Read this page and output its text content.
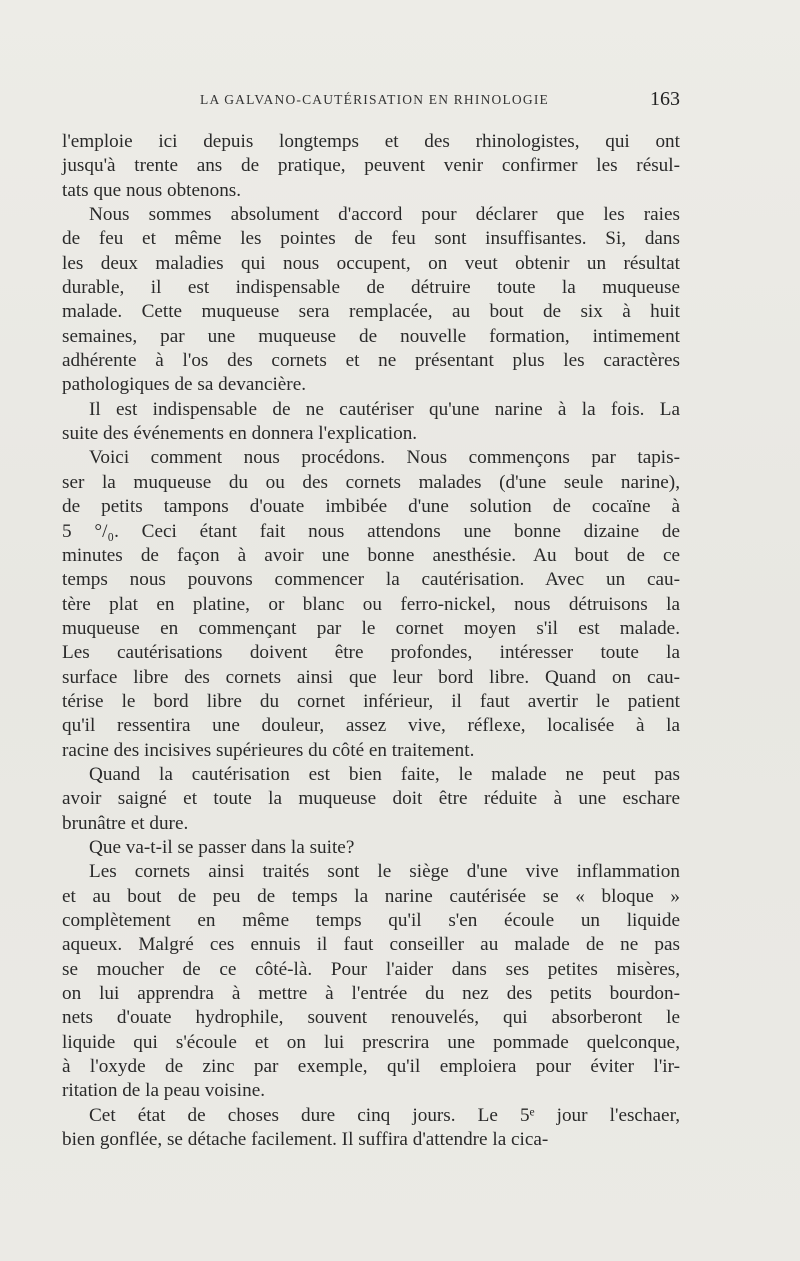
LA GALVANO-CAUTÉRISATION EN RHINOLOGIE	163

l'emploie ici depuis longtemps et des rhinologistes, qui ont
jusqu'à trente ans de pratique, peuvent venir confirmer les résul-
tats que nous obtenons.

Nous sommes absolument d'accord pour déclarer que les raies
de feu et même les pointes de feu sont insuffisantes. Si, dans
les deux maladies qui nous occupent, on veut obtenir un résultat
durable, il est indispensable de détruire toute la muqueuse
malade. Cette muqueuse sera remplacée, au bout de six à huit
semaines, par une muqueuse de nouvelle formation, intimement
adhérente à l'os des cornets et ne présentant plus les caractères
pathologiques de sa devancière.

Il est indispensable de ne cautériser qu'une narine à la fois. La
suite des événements en donnera l'explication.

Voici comment nous procédons. Nous commençons par tapis-
ser la muqueuse du ou des cornets malades (d'une seule narine),
de petits tampons d'ouate imbibée d'une solution de cocaïne à
5 °/₀. Ceci étant fait nous attendons une bonne dizaine de
minutes de façon à avoir une bonne anesthésie. Au bout de ce
temps nous pouvons commencer la cautérisation. Avec un cau-
tère plat en platine, or blanc ou ferro-nickel, nous détruisons la
muqueuse en commençant par le cornet moyen s'il est malade.
Les cautérisations doivent être profondes, intéresser toute la
surface libre des cornets ainsi que leur bord libre. Quand on cau-
térise le bord libre du cornet inférieur, il faut avertir le patient
qu'il ressentira une douleur, assez vive, réflexe, localisée à la
racine des incisives supérieures du côté en traitement.

Quand la cautérisation est bien faite, le malade ne peut pas
avoir saigné et toute la muqueuse doit être réduite à une eschare
brunâtre et dure.

Que va-t-il se passer dans la suite?

Les cornets ainsi traités sont le siège d'une vive inflammation
et au bout de peu de temps la narine cautérisée se « bloque »
complètement en même temps qu'il s'en écoule un liquide
aqueux. Malgré ces ennuis il faut conseiller au malade de ne pas
se moucher de ce côté-là. Pour l'aider dans ses petites misères,
on lui apprendra à mettre à l'entrée du nez des petits bourdon-
nets d'ouate hydrophile, souvent renouvelés, qui absorberont le
liquide qui s'écoule et on lui prescrira une pommade quelconque,
à l'oxyde de zinc par exemple, qu'il emploiera pour éviter l'ir-
ritation de la peau voisine.

Cet état de choses dure cinq jours. Le 5ᵉ jour l'eschaer,
bien gonflée, se détache facilement. Il suffira d'attendre la cica-
